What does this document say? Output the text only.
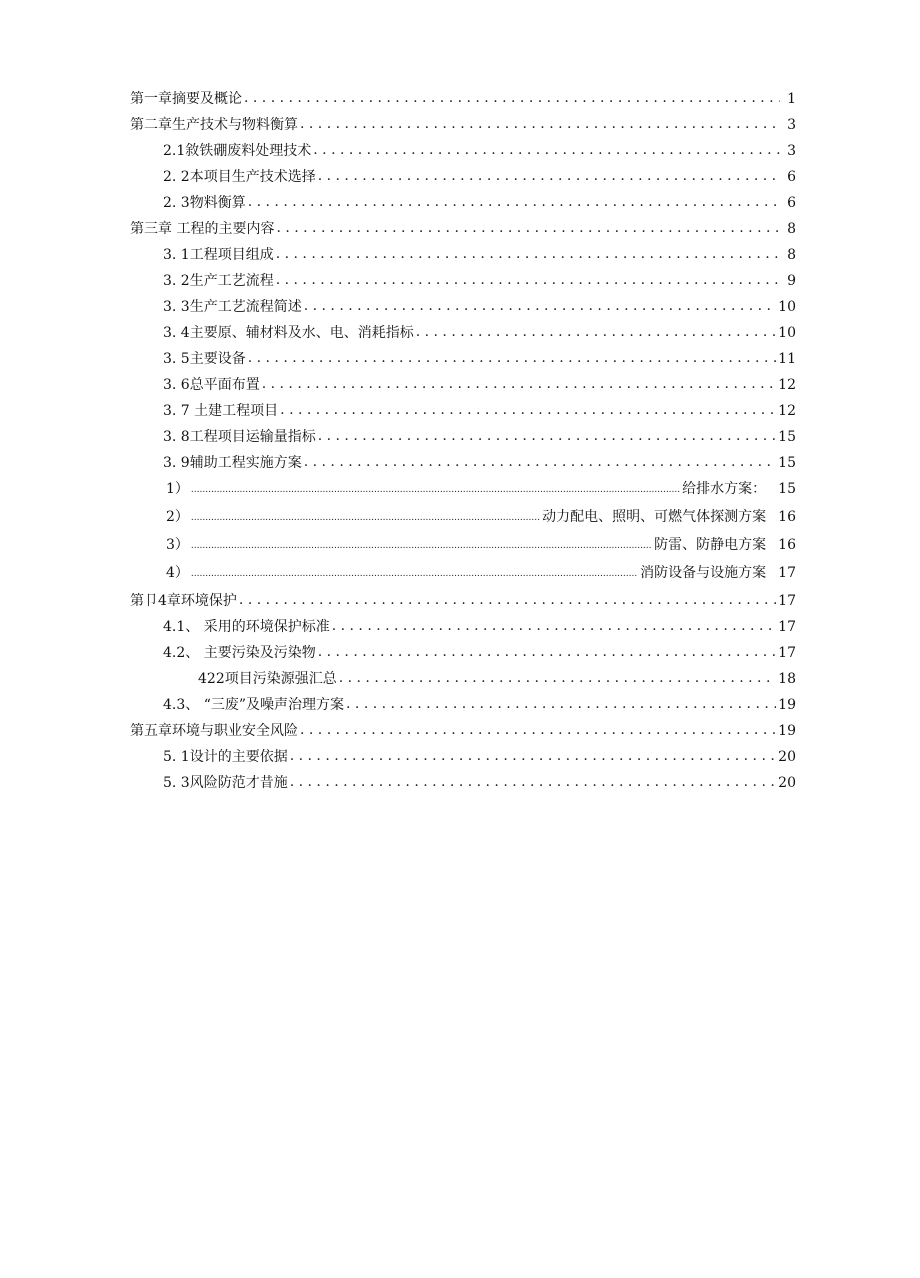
第一章摘要及概论 . . .	1
第二章生产技术与物料衡算 . . .	3
2.1敘铁硼废料处理技术 . . .	3
2. 2本项目生产技术选择 . . .	6
2. 3物料衡算 . . .	6
第三章 工程的主要内容 . . .	8
3. 1工程项目组成 . . .	8
3. 2生产工艺流程 . . .	9
3. 3生产工艺流程简述 . . .	10
3. 4主要原、辅材料及水、电、消耗指标 . . .	10
3. 5主要设备 . . .	11
3. 6总平面布置 . . .	12
3. 7 土建工程项目 . . .	12
3. 8工程项目运输量指标 . . .	15
3. 9辅助工程实施方案 . . .	15
1） .....	给排水方案： 15
2） .....	动力配电、照明、可燃气体探测方案 16
3） .....	防雷、防静电方案 16
4） .....	消防设备与设施方案 17
第卩4章环境保护 . . .	17
4.1、 采用的环境保护标准 . . .	17
4.2、 主要污染及污染物 . . .	17
422项目污染源强汇总 . . .	18
4.3、 “三废”及噪声治理方案 . . .	19
第五章环境与职业安全风险 . . .	19
5. 1设计的主要依据 . . .	20
5. 3风险防范才昔施 . . .	20
